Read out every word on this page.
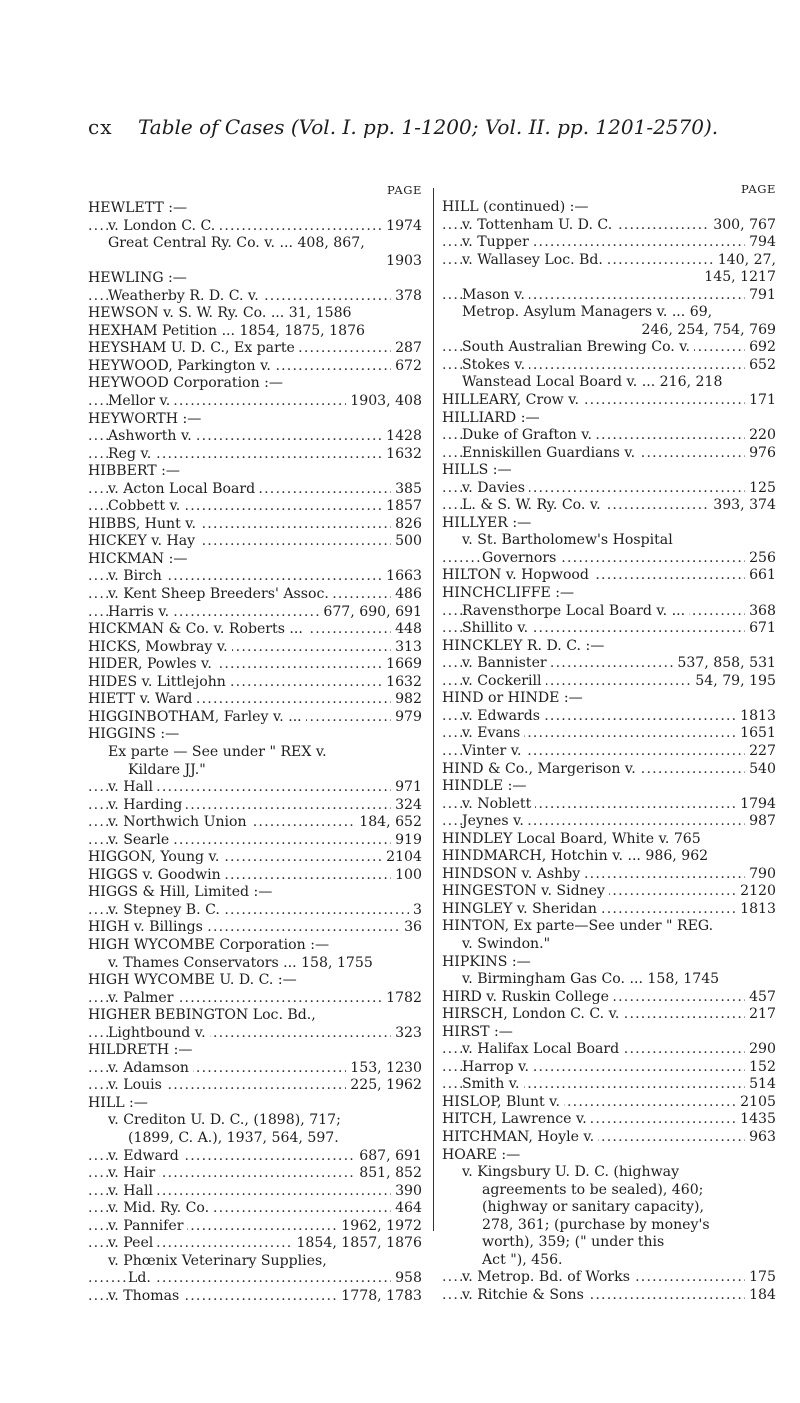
cx Table of Cases (Vol. I. pp. 1-1200; Vol. II. pp. 1201-2570).
PAGE
HEWLETT :—
v. London C. C.	1974
.....
Great Central Ry. Co. v. ... 408, 867,
1903
HEWLING :—
Weatherby R. D. C. v.	378
.....
HEWSON v. S. W. Ry. Co. ... 31, 1586
HEXHAM Petition ... 1854, 1875, 1876
HEYSHAM U. D. C., Ex parte	287
.....
HEYWOOD, Parkington v.	672
.....
HEYWOOD Corporation :—
Mellor v.	1903, 408
.....
HEYWORTH :—
Ashworth v.	1428
.....
Reg v.	1632
.....
HIBBERT :—
v. Acton Local Board	385
.....
Cobbett v.	1857
.....
HIBBS, Hunt v.	826
.....
HICKEY v. Hay	500
.....
HICKMAN :—
v. Birch	1663
.....
v. Kent Sheep Breeders' Assoc.	486
.....
Harris v.	677, 690, 691
.....
HICKMAN & Co. v. Roberts ...	448
.....
HICKS, Mowbray v.	313
.....
HIDER, Powles v.	1669
.....
HIDES v. Littlejohn	1632
.....
HIETT v. Ward	982
.....
HIGGINBOTHAM, Farley v. ...	979
.....
HIGGINS :—
Ex parte — See under " REX v.
Kildare JJ."
v. Hall	971
.....
v. Harding	324
.....
v. Northwich Union	184, 652
.....
v. Searle	919
.....
HIGGON, Young v.	2104
.....
HIGGS v. Goodwin	100
.....
HIGGS & Hill, Limited :—
v. Stepney B. C.	3
.....
HIGH v. Billings	36
.....
HIGH WYCOMBE Corporation :—
v. Thames Conservators ... 158, 1755
HIGH WYCOMBE U. D. C. :—
v. Palmer	1782
.....
HIGHER BEBINGTON Loc. Bd.,
Lightbound v.	323
.....
HILDRETH :—
v. Adamson	153, 1230
.....
v. Louis	225, 1962
.....
HILL :—
v. Crediton U. D. C., (1898), 717;
(1899, C. A.), 1937, 564, 597.
v. Edward	687, 691
.....
v. Hair	851, 852
.....
v. Hall	390
.....
v. Mid. Ry. Co.	464
.....
v. Pannifer	1962, 1972
.....
v. Peel	1854, 1857, 1876
.....
v. Phœnix Veterinary Supplies,
Ld.	958
.....
v. Thomas	1778, 1783
.....
PAGE
HILL (continued) :—
v. Tottenham U. D. C.	300, 767
.....
v. Tupper	794
.....
v. Wallasey Loc. Bd.	140, 27,
.....
145, 1217
Mason v.	791
.....
Metrop. Asylum Managers v. ... 69,
246, 254, 754, 769
South Australian Brewing Co. v.	692
.....
Stokes v.	652
.....
Wanstead Local Board v. ... 216, 218
HILLEARY, Crow v.	171
.....
HILLIARD :—
Duke of Grafton v.	220
.....
Enniskillen Guardians v.	976
.....
HILLS :—
v. Davies	125
.....
L. & S. W. Ry. Co. v.	393, 374
.....
HILLYER :—
v. St. Bartholomew's Hospital
Governors	256
.....
HILTON v. Hopwood	661
.....
HINCHCLIFFE :—
Ravensthorpe Local Board v. ...	368
.....
Shillito v.	671
.....
HINCKLEY R. D. C. :—
v. Bannister	537, 858, 531
.....
v. Cockerill	54, 79, 195
.....
HIND or HINDE :—
v. Edwards	1813
.....
v. Evans	1651
.....
Vinter v.	227
.....
HIND & Co., Margerison v.	540
.....
HINDLE :—
v. Noblett	1794
.....
Jeynes v.	987
.....
HINDLEY Local Board, White v. 765
HINDMARCH, Hotchin v. ... 986, 962
HINDSON v. Ashby	790
.....
HINGESTON v. Sidney	2120
.....
HINGLEY v. Sheridan	1813
.....
HINTON, Ex parte—See under " REG.
v. Swindon."
HIPKINS :—
v. Birmingham Gas Co. ... 158, 1745
HIRD v. Ruskin College	457
.....
HIRSCH, London C. C. v.	217
.....
HIRST :—
v. Halifax Local Board	290
.....
Harrop v.	152
.....
Smith v.	514
.....
HISLOP, Blunt v.	2105
.....
HITCH, Lawrence v.	1435
.....
HITCHMAN, Hoyle v.	963
.....
HOARE :—
v. Kingsbury U. D. C. (highway
agreements to be sealed), 460;
(highway or sanitary capacity),
278, 361; (purchase by money's
worth), 359; (" under this
Act "), 456.
v. Metrop. Bd. of Works	175
.....
v. Ritchie & Sons	184
.....
